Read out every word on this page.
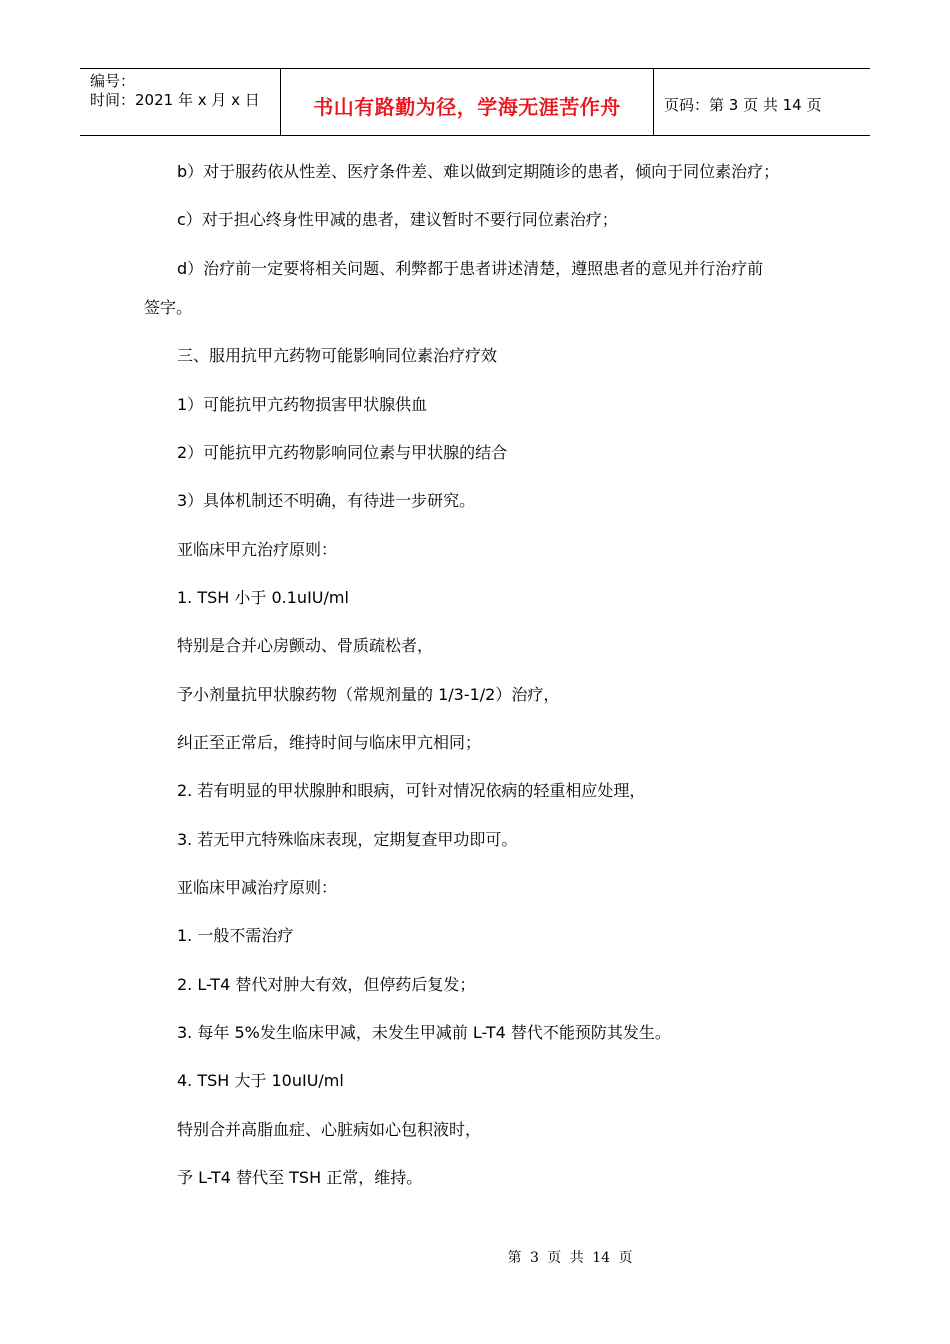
编号：
时间：2021 年 x 月 x 日	书山有路勤为径，学海无涯苦作舟	页码：第 3 页 共 14 页
b）对于服药依从性差、医疗条件差、难以做到定期随诊的患者，倾向于同位素治疗；
c）对于担心终身性甲减的患者，建议暂时不要行同位素治疗；
d）治疗前一定要将相关问题、利弊都于患者讲述清楚，遵照患者的意见并行治疗前
签字。
三、服用抗甲亢药物可能影响同位素治疗疗效
1）可能抗甲亢药物损害甲状腺供血
2）可能抗甲亢药物影响同位素与甲状腺的结合
3）具体机制还不明确，有待进一步研究。
亚临床甲亢治疗原则：
1. TSH 小于 0.1uIU/ml
特别是合并心房颤动、骨质疏松者，
予小剂量抗甲状腺药物（常规剂量的 1/3-1/2）治疗，
纠正至正常后，维持时间与临床甲亢相同；
2. 若有明显的甲状腺肿和眼病，可针对情况依病的轻重相应处理，
3. 若无甲亢特殊临床表现，定期复查甲功即可。
亚临床甲减治疗原则：
1. 一般不需治疗
2. L-T4 替代对肿大有效，但停药后复发；
3. 每年 5%发生临床甲减，未发生甲减前 L-T4 替代不能预防其发生。
4. TSH 大于 10uIU/ml
特别合并高脂血症、心脏病如心包积液时，
予 L-T4 替代至 TSH 正常，维持。
第 3 页 共 14 页
